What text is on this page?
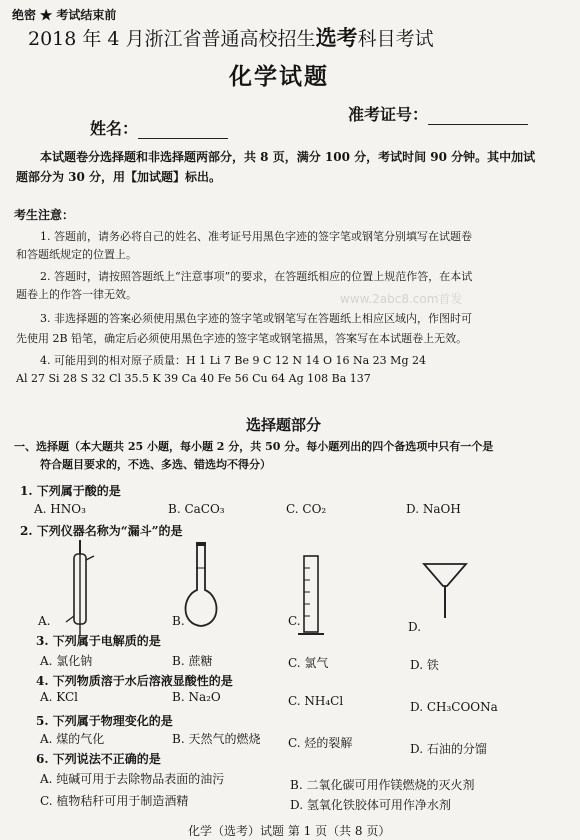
绝密 ★ 考试结束前
2018 年 4 月浙江省普通高校招生选考科目考试
化学试题
姓名：
准考证号：
本试题卷分选择题和非选择题两部分，共 8 页，满分 100 分，考试时间 90 分钟。其中加试
题部分为 30 分，用【加试题】标出。
考生注意：
1. 答题前，请务必将自己的姓名、准考证号用黑色字迹的签字笔或钢笔分别填写在试题卷
和答题纸规定的位置上。
2. 答题时，请按照答题纸上“注意事项”的要求，在答题纸相应的位置上规范作答，在本试
题卷上的作答一律无效。	www.2abc8.com首发
3. 非选择题的答案必须使用黑色字迹的签字笔或钢笔写在答题纸上相应区域内，作图时可
先使用 2B 铅笔，确定后必须使用黑色字迹的签字笔或钢笔描黑，答案写在本试题卷上无效。
4. 可能用到的相对原子质量：H 1 Li 7 Be 9 C 12 N 14 O 16 Na 23 Mg 24
Al 27 Si 28 S 32 Cl 35.5 K 39 Ca 40 Fe 56 Cu 64 Ag 108 Ba 137
选择题部分
一、选择题（本大题共 25 小题，每小题 2 分，共 50 分。每小题列出的四个备选项中只有一个是
符合题目要求的，不选、多选、错选均不得分）
1. 下列属于酸的是
A. HNO₃	B. CaCO₃	C. CO₂	D. NaOH
2. 下列仪器名称为“漏斗”的是
A.	B.	C.	D.
3. 下列属于电解质的是
A. 氯化钠	B. 蔗糖	C. 氯气	D. 铁
4. 下列物质溶于水后溶液显酸性的是
A. KCl	B. Na₂O	C. NH₄Cl	D. CH₃COONa
5. 下列属于物理变化的是
A. 煤的气化	B. 天然气的燃烧 C. 烃的裂解	D. 石油的分馏
6. 下列说法不正确的是
A. 纯碱可用于去除物品表面的油污	B. 二氧化碳可用作镁燃烧的灭火剂
C. 植物秸秆可用于制造酒精	D. 氢氧化铁胶体可用作净水剂
化学（选考）试题 第 1 页（共 8 页）
